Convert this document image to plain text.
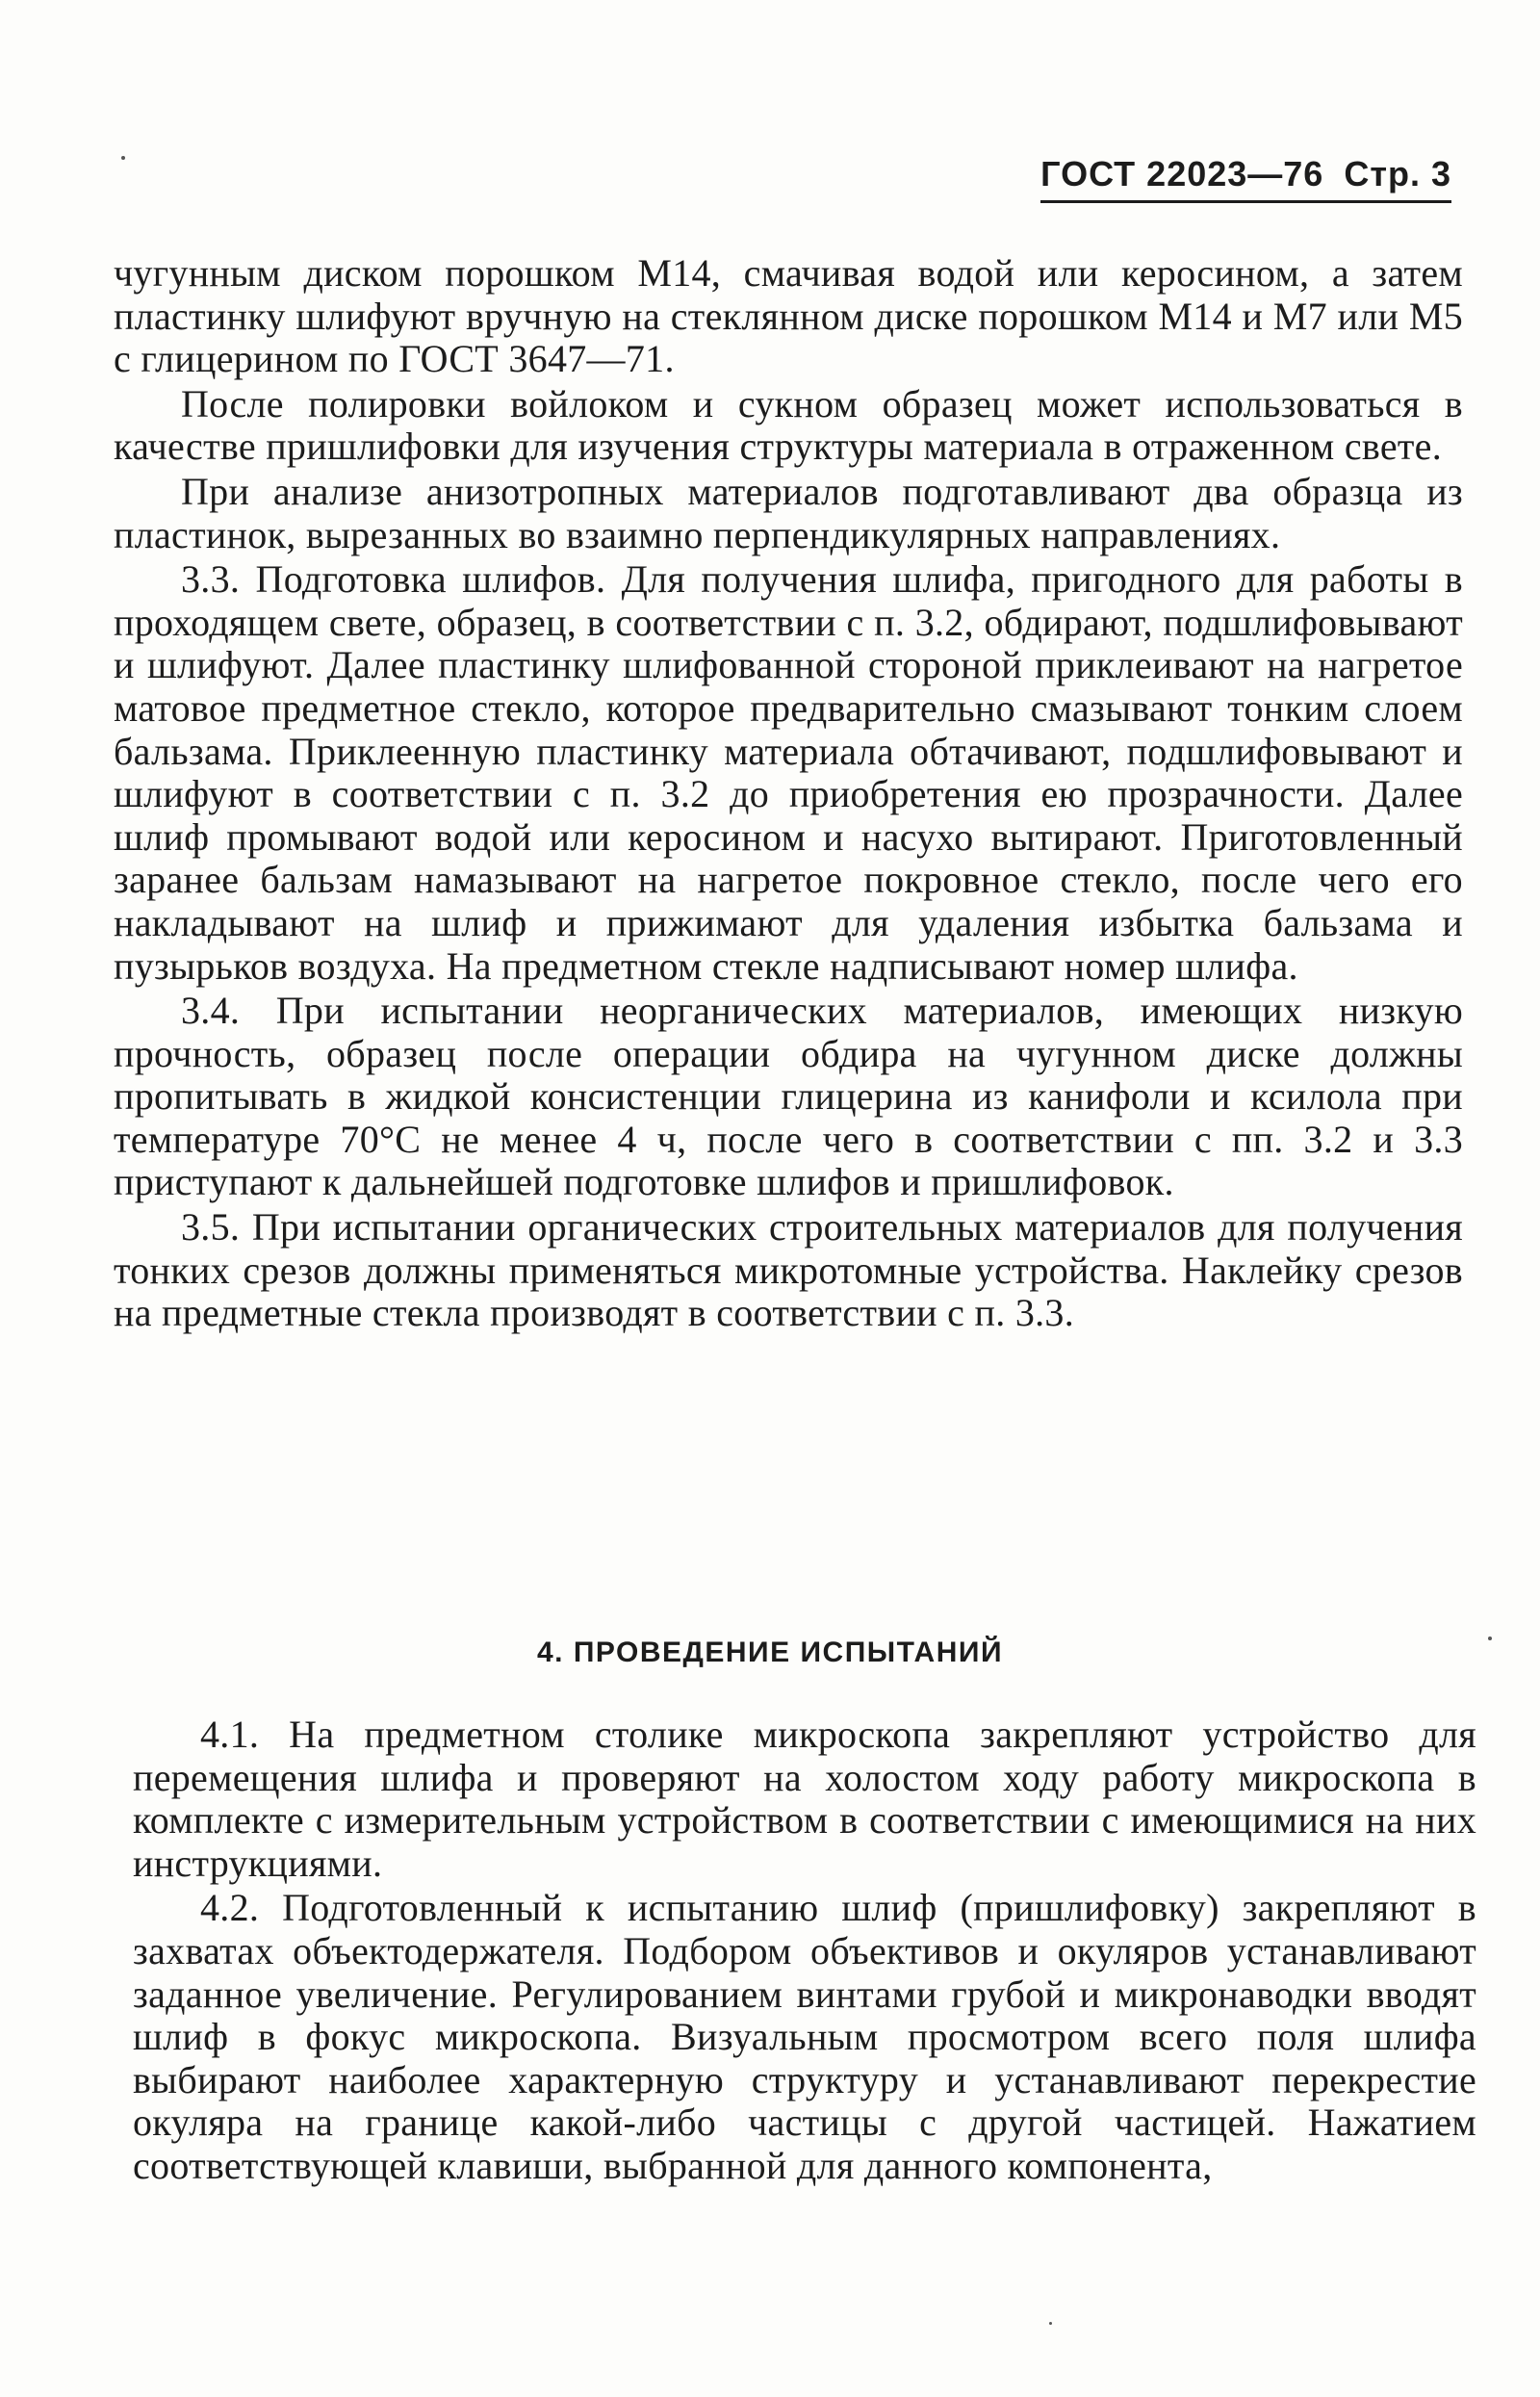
ГОСТ 22023—76 Стр. 3

чугунным диском порошком М14, смачивая водой или керосином, а затем пластинку шлифуют вручную на стеклянном диске порошком М14 и М7 или М5 с глицерином по ГОСТ 3647—71.

После полировки войлоком и сукном образец может использоваться в качестве пришлифовки для изучения структуры материала в отраженном свете.

При анализе анизотропных материалов подготавливают два образца из пластинок, вырезанных во взаимно перпендикулярных направлениях.

3.3. Подготовка шлифов. Для получения шлифа, пригодного для работы в проходящем свете, образец, в соответствии с п. 3.2, обдирают, подшлифовывают и шлифуют. Далее пластинку шлифованной стороной приклеивают на нагретое матовое предметное стекло, которое предварительно смазывают тонким слоем бальзама. Приклеенную пластинку материала обтачивают, подшлифовывают и шлифуют в соответствии с п. 3.2 до приобретения ею прозрачности. Далее шлиф промывают водой или керосином и насухо вытирают. Приготовленный заранее бальзам намазывают на нагретое покровное стекло, после чего его накладывают на шлиф и прижимают для удаления избытка бальзама и пузырьков воздуха. На предметном стекле надписывают номер шлифа.

3.4. При испытании неорганических материалов, имеющих низкую прочность, образец после операции обдира на чугунном диске должны пропитывать в жидкой консистенции глицерина из канифоли и ксилола при температуре 70°С не менее 4 ч, после чего в соответствии с пп. 3.2 и 3.3 приступают к дальнейшей подготовке шлифов и пришлифовок.

3.5. При испытании органических строительных материалов для получения тонких срезов должны применяться микротомные устройства. Наклейку срезов на предметные стекла производят в соответствии с п. 3.3.

4. ПРОВЕДЕНИЕ ИСПЫТАНИЙ

4.1. На предметном столике микроскопа закрепляют устройство для перемещения шлифа и проверяют на холостом ходу работу микроскопа в комплекте с измерительным устройством в соответствии с имеющимися на них инструкциями.

4.2. Подготовленный к испытанию шлиф (пришлифовку) закрепляют в захватах объектодержателя. Подбором объективов и окуляров устанавливают заданное увеличение. Регулированием винтами грубой и микронаводки вводят шлиф в фокус микроскопа. Визуальным просмотром всего поля шлифа выбирают наиболее характерную структуру и устанавливают перекрестие окуляра на границе какой-либо частицы с другой частицей. Нажатием соответствующей клавиши, выбранной для данного компонента,
